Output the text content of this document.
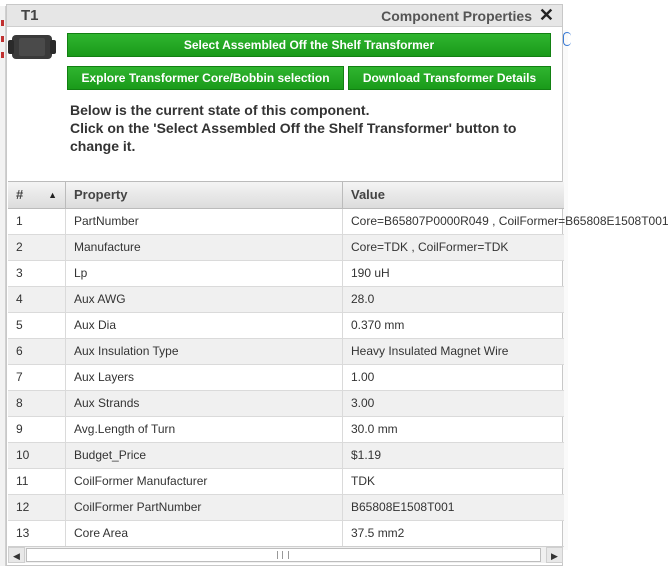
T1	Component Properties ✕
Select Assembled Off the Shelf Transformer
Explore Transformer Core/Bobbin selection	Download Transformer Details
Below is the current state of this component.
Click on the 'Select Assembled Off the Shelf Transformer' button to change it.
#	▲	Property	Value
1	PartNumber	Core=B65807P0000R049 , CoilFormer=B65808E1508T001
2	Manufacture	Core=TDK , CoilFormer=TDK
3	Lp	190 uH
4	Aux AWG	28.0
5	Aux Dia	0.370 mm
6	Aux Insulation Type	Heavy Insulated Magnet Wire
7	Aux Layers	1.00
8	Aux Strands	3.00
9	Avg.Length of Turn	30.0 mm
10	Budget_Price	$1.19
11	CoilFormer Manufacturer	TDK
12	CoilFormer PartNumber	B65808E1508T001
13	Core Area	37.5 mm2
◀	▶
